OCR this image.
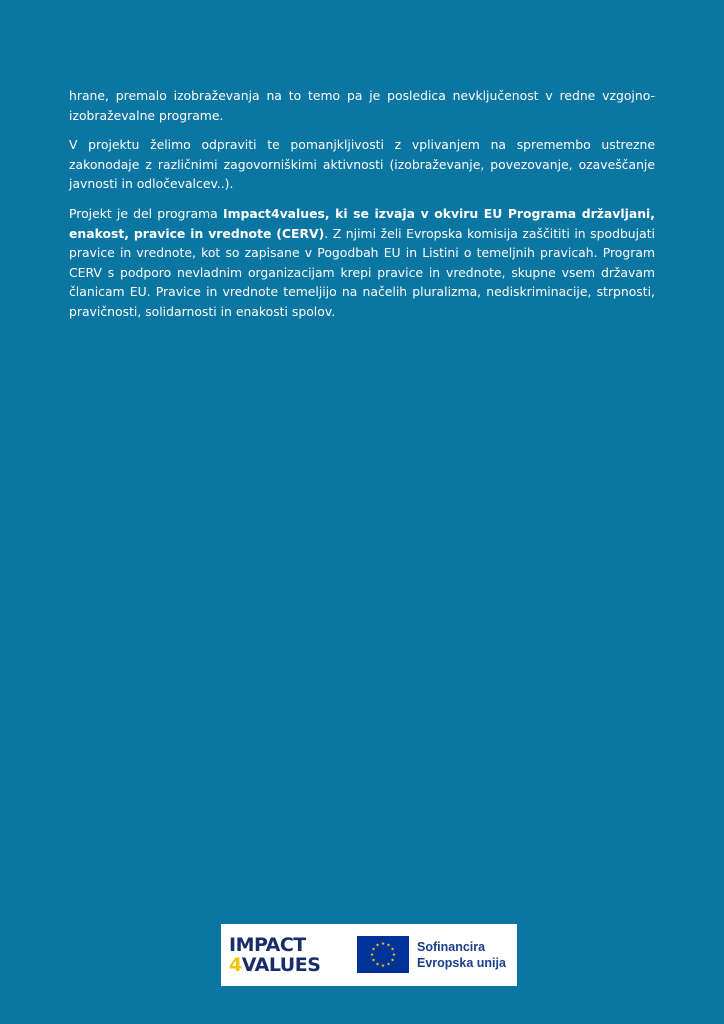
hrane, premalo izobraževanja na to temo pa je posledica nevključenost v redne vzgojno-izobraževalne programe.

V projektu želimo odpraviti te pomanjkljivosti z vplivanjem na spremembo ustrezne zakonodaje z različnimi zagovorniškimi aktivnosti (izobraževanje, povezovanje, ozaveščanje javnosti in odločevalcev..).

Projekt je del programa Impact4values, ki se izvaja v okviru EU Programa državljani, enakost, pravice in vrednote (CERV). Z njimi želi Evropska komisija zaščititi in spodbujati pravice in vrednote, kot so zapisane v Pogodbah EU in Listini o temeljnih pravicah. Program CERV s podporo nevladnim organizacijam krepi pravice in vrednote, skupne vsem državam članicam EU. Pravice in vrednote temeljijo na načelih pluralizma, nediskriminacije, strpnosti, pravičnosti, solidarnosti in enakosti spolov.

IMPACT
4VALUES
Sofinancira
Evropska unija
